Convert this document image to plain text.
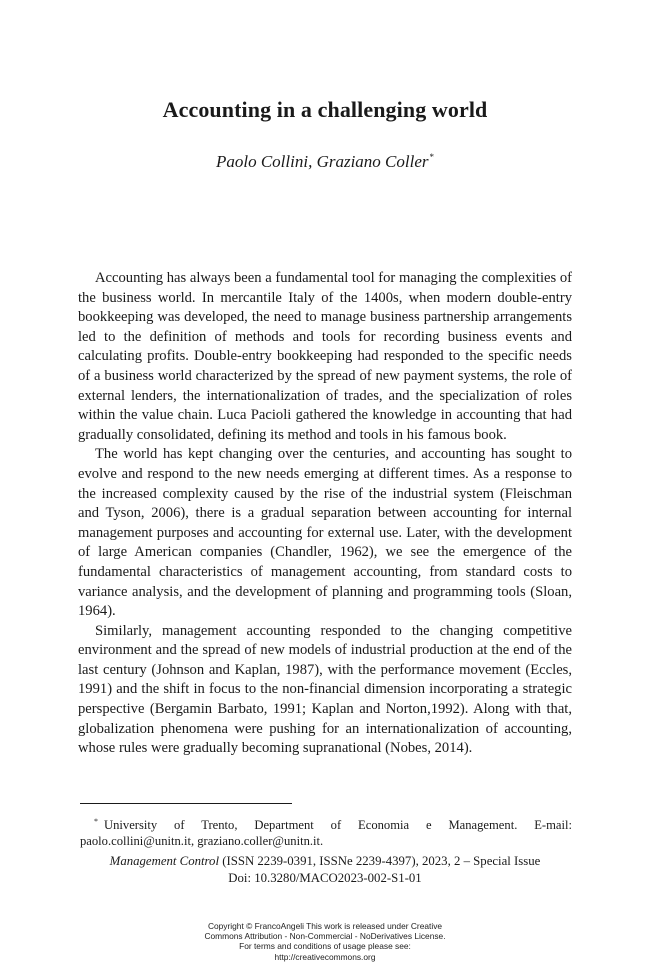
Accounting in a challenging world
Paolo Collini, Graziano Coller*

Accounting has always been a fundamental tool for managing the complexities of the business world. In mercantile Italy of the 1400s, when modern double-entry bookkeeping was developed, the need to manage business partnership arrangements led to the definition of methods and tools for recording business events and calculating profits. Double-entry bookkeeping had responded to the specific needs of a business world characterized by the spread of new payment systems, the role of external lenders, the internationalization of trades, and the specialization of roles within the value chain. Luca Pacioli gathered the knowledge in accounting that had gradually consolidated, defining its method and tools in his famous book.

The world has kept changing over the centuries, and accounting has sought to evolve and respond to the new needs emerging at different times. As a response to the increased complexity caused by the rise of the industrial system (Fleischman and Tyson, 2006), there is a gradual separation between accounting for internal management purposes and accounting for external use. Later, with the development of large American companies (Chandler, 1962), we see the emergence of the fundamental characteristics of management accounting, from standard costs to variance analysis, and the development of planning and programming tools (Sloan, 1964).

Similarly, management accounting responded to the changing competitive environment and the spread of new models of industrial production at the end of the last century (Johnson and Kaplan, 1987), with the performance movement (Eccles, 1991) and the shift in focus to the non-financial dimension incorporating a strategic perspective (Bergamin Barbato, 1991; Kaplan and Norton,1992). Along with that, globalization phenomena were pushing for an internationalization of accounting, whose rules were gradually becoming supranational (Nobes, 2014).

* University of Trento, Department of Economia e Management. E-mail: paolo.collini@unitn.it, graziano.coller@unitn.it.
Management Control (ISSN 2239-0391, ISSNe 2239-4397), 2023, 2 – Special Issue
Doi: 10.3280/MACO2023-002-S1-01
Copyright © FrancoAngeli This work is released under Creative
Commons Attribution - Non-Commercial - NoDerivatives License.
For terms and conditions of usage please see:
http://creativecommons.org
